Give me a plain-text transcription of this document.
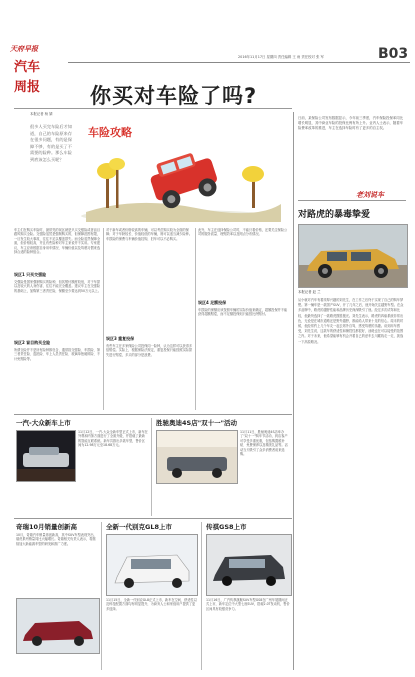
天府早报
2016年11月17日 星期四 责任编辑 王 雨 责任校对 张 军	B03
汽车
周报 你买对车险了吗?
本报记者 杨 婧
很多人买完车险后才知道，自己的车险原来存在很多问题，有的是保障不够，有的是买了不需要的险种。那么车险到底该怎么买呢？
车险攻略
车主们在购买车险时，最常见的误区就是只买交强险或者盲目跟风购买全险。交强险虽然是强制购买的，但保障范围有限，一旦发生较大事故，往往不足以覆盖损失。而全险虽然保障全面，但价格较高，并且有些险种对车主来说并不实用。专家建议，车主应该根据自身用车情况、车辆价值以及驾驶习惯来选择合适的险种组合。
误区1 只买交强险
交强险是国家强制购买的险种，但其赔付额度较低，对于车损以及较大的人身伤害，往往不能完全覆盖。建议车主在交强险的基础上，加购第三者责任险，保额至少要达到50万元以上。
误区2 盲目购买全险
所谓全险并不是所有险种都包含，通常指交强险、车损险、第三者责任险、盗抢险、车上人员责任险、玻璃单独破碎险、不计免赔险等。
对于新车或者价格较高的车辆，可以考虑购买较为全面的保障；对于车龄较长、价值较低的车辆，则可以适当减少险种。车损险的保费与车辆价值挂钩，旧车可以不必购买。
误区3 重复投保
有些车主在多家保险公司投保同一险种，认为这样可以获得多倍赔偿。实际上，根据保险法规定，重复投保只能按照实际损失进行赔偿，多买的部分是浪费。
此外，车主在选择保险公司时，不能只看价格，还要关注保险公司的服务质量、理赔效率以及网点分布情况。
误区4 足额投保
车损险的保额应该按照车辆的实际价值来确定，超额投保并不能获得超额赔偿，而不足额投保则只能按比例赔付。
日前，某保险公司发布数据显示，今年前三季度，汽车保险投保率同比增长明显，其中商业车险的投保比例有所上升。业内人士表示，随着车险费率改革的推进，车主在选择车险时有了更多的自主权。
老刘说车
对路虎的暴毒挚爱
本报记者 赵 兰
从小就对汽车有着浓厚兴趣的刘先生，在工作之后终于实现了自己的购车梦想。第一辆车是一款国产SUV，开了几年之后，他开始关注越野车型。在众多品牌中，路虎的越野性能和品牌历史深深吸引了他。经过多次试驾和比较，他最终选择了一款路虎揽胜极光。刘先生表示，路虎的四驱系统非常出色，无论是在城市道路还是野外越野，都能给人带来十足的信心。周末的时候，他经常约上几个车友一起去郊外自驾，感受驾驶的乐趣。谈到用车感受，刘先生说，这款车的舒适性和操控性都很好，油耗也在可以接受的范围之内。对于未来，他希望能够有机会开着自己的爱车去川藏线走一走，挑战一下高原路况。
一汽-大众新车上市
11月12日，一汽-大众全新车型正式上市，新车在外观和内饰方面进行了全面升级，并搭载了最新的智能互联系统。新车共推出多款车型，售价区间为12.98万元至18.68万元。
胜驰奥迪4S店"双十一"活动
11月11日，胜驰奥迪4S店举办了"双十一"购车节活动，到店客户可享受多重优惠，包括购置税补贴、免费保养以及精美礼品等。活动当天吸引了众多消费者前来选购。
奇瑞10月销量创新高
10月，奇瑞汽车销量再创新高，其中SUV车型表现突出，瑞虎系列销量同比大幅增长。奇瑞相关负责人表示，将继续加大新能源车型的研发和推广力度。
全新一代别克GL8上市
11月15日，全新一代别克GL8正式上市，新车在空间、舒适性以及科技配置方面均有明显提升，为商务人士和家庭用户提供了更多选择。
传祺GS8上市
11月16日，广汽传祺旗舰SUV车型GS8在广州车展期间正式上市，新车定位中大型七座SUV，搭载2.0T发动机，售价区间具有较强竞争力。
